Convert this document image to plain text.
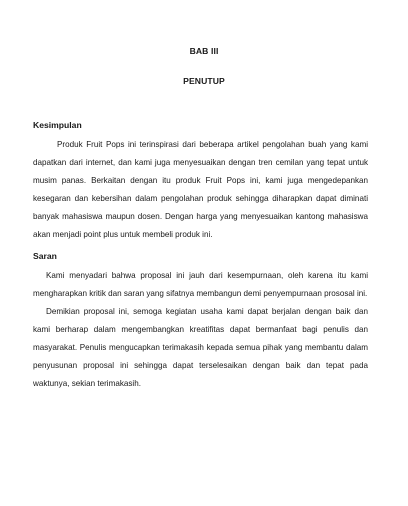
BAB III
PENUTUP
Kesimpulan

Produk Fruit Pops ini terinspirasi dari beberapa artikel pengolahan buah yang kami dapatkan dari internet, dan kami juga menyesuaikan dengan tren cemilan yang tepat untuk musim panas. Berkaitan dengan itu produk Fruit Pops ini, kami juga mengedepankan kesegaran dan kebersihan dalam pengolahan produk sehingga diharapkan dapat diminati banyak mahasiswa maupun dosen. Dengan harga yang menyesuaikan kantong mahasiswa akan menjadi point plus untuk membeli produk ini.

Saran

Kami menyadari bahwa proposal ini jauh dari kesempurnaan, oleh karena itu kami mengharapkan kritik dan saran yang sifatnya membangun demi penyempurnaan prososal ini.

Demikian proposal ini, semoga kegiatan usaha kami dapat berjalan dengan baik dan kami berharap dalam mengembangkan kreatifitas dapat bermanfaat bagi penulis dan masyarakat. Penulis mengucapkan terimakasih kepada semua pihak yang membantu dalam penyusunan proposal ini sehingga dapat terselesaikan dengan baik dan tepat pada waktunya, sekian terimakasih.
